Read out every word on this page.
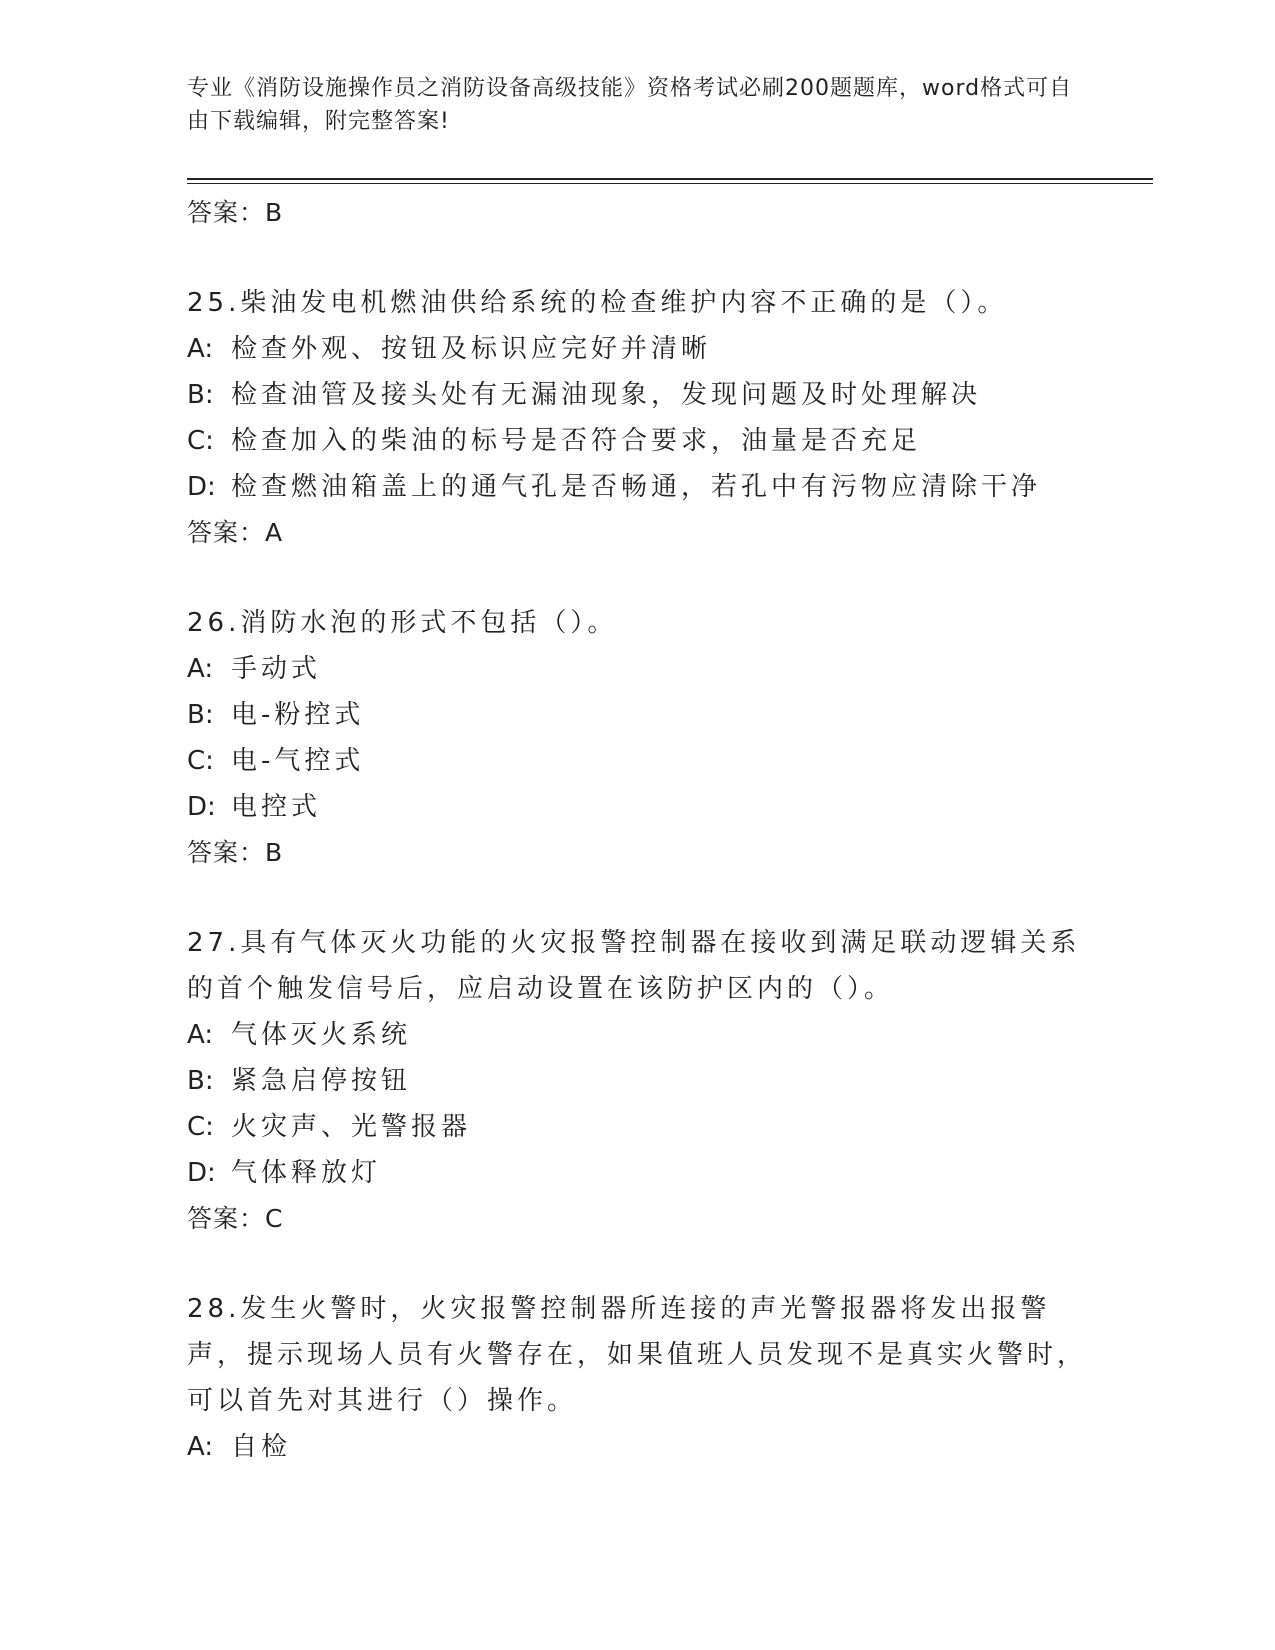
专业《消防设施操作员之消防设备高级技能》资格考试必刷200题题库，word格式可自由下载编辑，附完整答案!
答案：B
25.柴油发电机燃油供给系统的检查维护内容不正确的是（）。
A: 检查外观、按钮及标识应完好并清晰
B: 检查油管及接头处有无漏油现象，发现问题及时处理解决
C: 检查加入的柴油的标号是否符合要求，油量是否充足
D: 检查燃油箱盖上的通气孔是否畅通，若孔中有污物应清除干净
答案：A
26.消防水泡的形式不包括（）。
A: 手动式
B: 电-粉控式
C: 电-气控式
D: 电控式
答案：B
27.具有气体灭火功能的火灾报警控制器在接收到满足联动逻辑关系的首个触发信号后，应启动设置在该防护区内的（）。
A: 气体灭火系统
B: 紧急启停按钮
C: 火灾声、光警报器
D: 气体释放灯
答案：C
28.发生火警时，火灾报警控制器所连接的声光警报器将发出报警声，提示现场人员有火警存在，如果值班人员发现不是真实火警时，可以首先对其进行（）操作。
A: 自检
